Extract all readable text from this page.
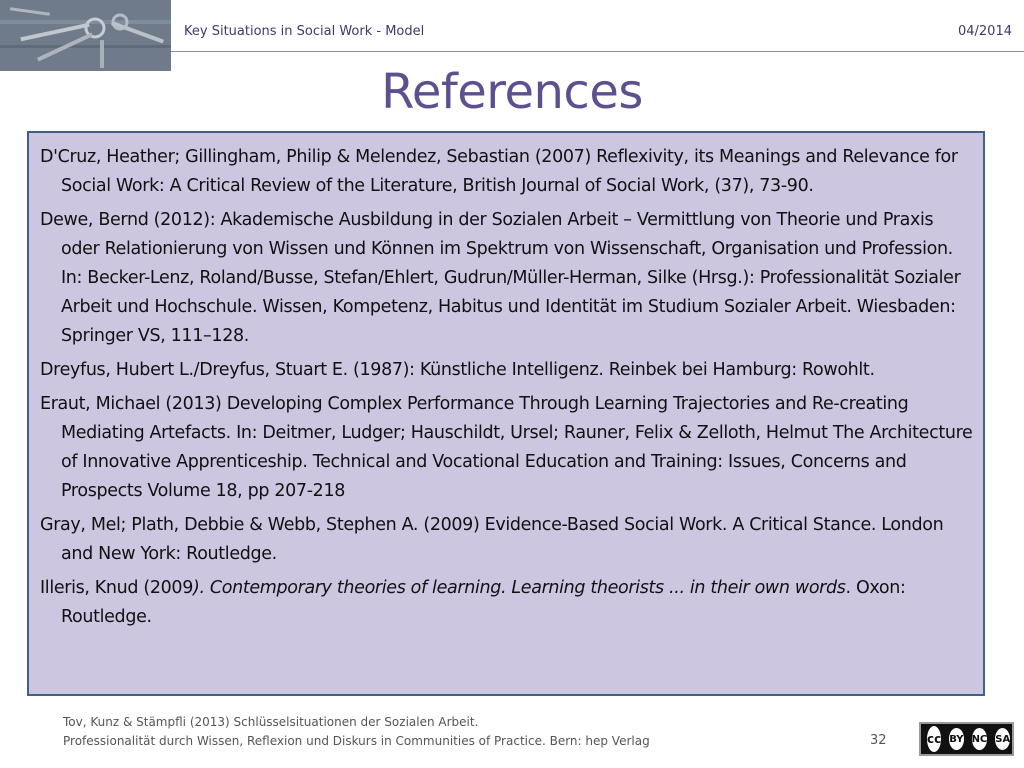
Key Situations in Social Work - Model	04/2014
References

D'Cruz, Heather; Gillingham, Philip & Melendez, Sebastian (2007) Reflexivity, its Meanings and Relevance for Social Work: A Critical Review of the Literature, British Journal of Social Work, (37), 73-90.

Dewe, Bernd (2012): Akademische Ausbildung in der Sozialen Arbeit – Vermittlung von Theorie und Praxis oder Relationierung von Wissen und Können im Spektrum von Wissenschaft, Organisation und Profession. In: Becker-Lenz, Roland/Busse, Stefan/Ehlert, Gudrun/Müller-Herman, Silke (Hrsg.): Professionalität Sozialer Arbeit und Hochschule. Wissen, Kompetenz, Habitus und Identität im Studium Sozialer Arbeit. Wiesbaden: Springer VS, 111–128.

Dreyfus, Hubert L./Dreyfus, Stuart E. (1987): Künstliche Intelligenz. Reinbek bei Hamburg: Rowohlt.

Eraut, Michael (2013) Developing Complex Performance Through Learning Trajectories and Re-creating Mediating Artefacts. In: Deitmer, Ludger; Hauschildt, Ursel; Rauner, Felix & Zelloth, Helmut The Architecture of Innovative Apprenticeship. Technical and Vocational Education and Training: Issues, Concerns and Prospects Volume 18, pp 207-218

Gray, Mel; Plath, Debbie & Webb, Stephen A. (2009) Evidence-Based Social Work. A Critical Stance. London and New York: Routledge.

Illeris, Knud (2009). Contemporary theories of learning. Learning theorists ... in their own words. Oxon: Routledge.

Tov, Kunz & Stämpfli (2013) Schlüsselsituationen der Sozialen Arbeit.
Professionalität durch Wissen, Reflexion und Diskurs in Communities of Practice. Bern: hep Verlag	32	cc BY NC SA
